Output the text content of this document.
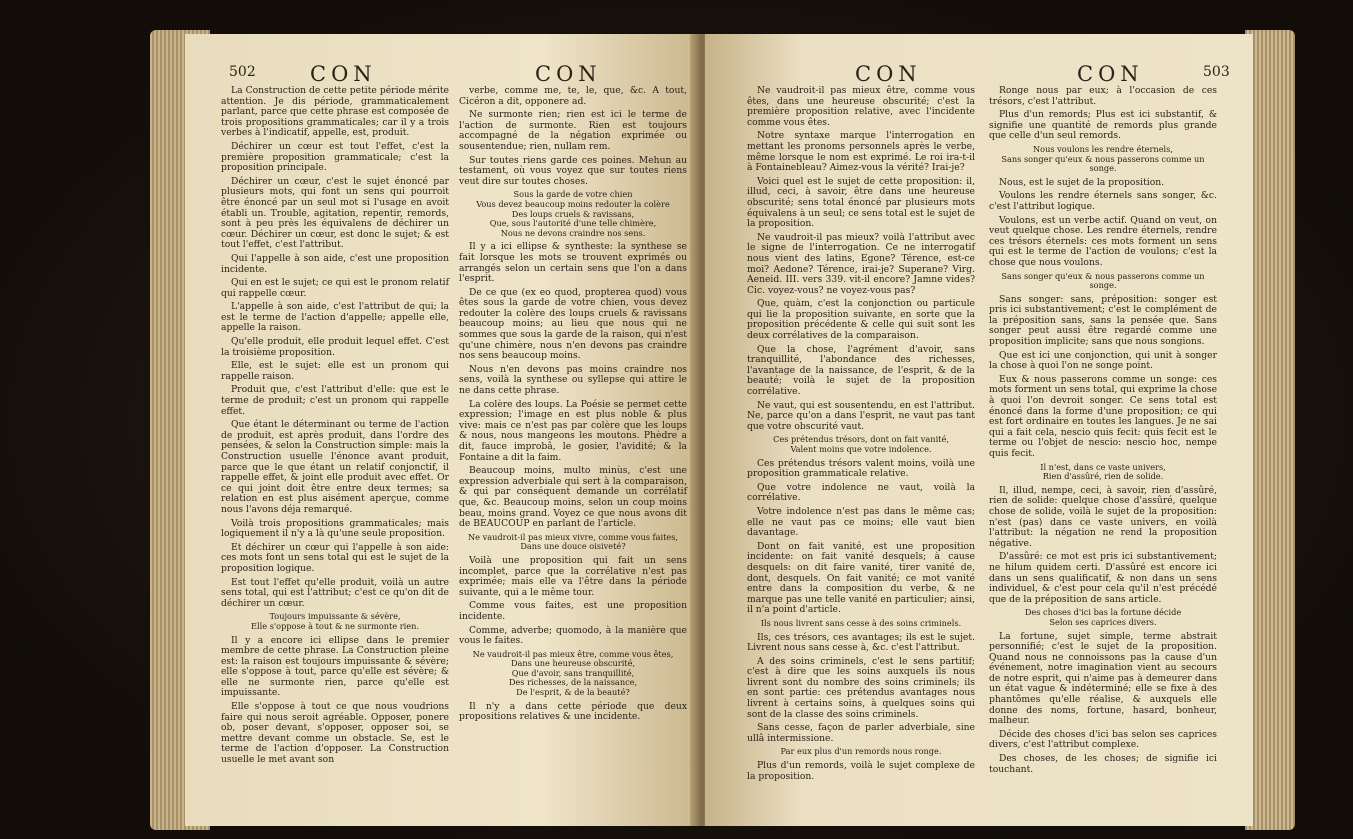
502	CON	CON

La Construction de cette petite période mérite attention. Je dis période, grammaticalement parlant, parce que cette phrase est composée de trois propositions grammaticales; car il y a trois verbes à l'indicatif, appelle, est, produit.

Déchirer un cœur est tout l'effet, c'est la première proposition grammaticale; c'est la proposition principale.

Déchirer un cœur, c'est le sujet énoncé par plusieurs mots, qui font un sens qui pourroit être énoncé par un seul mot si l'usage en avoit établi un. Trouble, agitation, repentir, remords, sont à peu près les équivalens de déchirer un cœur. Déchirer un cœur, est donc le sujet; & est tout l'effet, c'est l'attribut.

Qui l'appelle à son aide, c'est une proposition incidente.

Qui en est le sujet; ce qui est le pronom relatif qui rappelle cœur.

L'appelle à son aide, c'est l'attribut de qui; la est le terme de l'action d'appelle; appelle elle, appelle la raison.

Qu'elle produit, elle produit lequel effet. C'est la troisième proposition.

Elle, est le sujet: elle est un pronom qui rappelle raison.

Produit que, c'est l'attribut d'elle: que est le terme de produit; c'est un pronom qui rappelle effet.

Que étant le déterminant ou terme de l'action de produit, est après produit, dans l'ordre des pensées, & selon la Construction simple: mais la Construction usuelle l'énonce avant produit, parce que le que étant un relatif conjonctif, il rappelle effet, & joint elle produit avec effet. Or ce qui joint doit être entre deux termes; sa relation en est plus aisément aperçue, comme nous l'avons déja remarqué.

Voilà trois propositions grammaticales; mais logiquement il n'y a là qu'une seule proposition.

Et déchirer un cœur qui l'appelle à son aide: ces mots font un sens total qui est le sujet de la proposition logique.

Est tout l'effet qu'elle produit, voilà un autre sens total, qui est l'attribut; c'est ce qu'on dit de déchirer un cœur.

Toujours impuissante & sévère,
Elle s'oppose à tout & ne surmonte rien.

Il y a encore ici ellipse dans le premier membre de cette phrase. La Construction pleine est: la raison est toujours impuissante & sévère; elle s'oppose à tout, parce qu'elle est sévère; & elle ne surmonte rien, parce qu'elle est impuissante.

Elle s'oppose à tout ce que nous voudrions faire qui nous seroit agréable. Opposer, ponere ob, poser devant, s'opposer, opposer soi, se mettre devant comme un obstacle. Se, est le terme de l'action d'opposer. La Construction usuelle le met avant son

verbe, comme me, te, le, que, &c. A tout, Cicéron a dit, opponere ad.

Ne surmonte rien; rien est ici le terme de l'action de surmonte. Rien est toujours accompagné de la négation exprimée ou sousentendue; rien, nullam rem.

Sur toutes riens garde ces poines. Mehun au testament, où vous voyez que sur toutes riens veut dire sur toutes choses.

Sous la garde de votre chien
Vous devez beaucoup moins redouter la colère
Des loups cruels & ravissans,
Que, sous l'autorité d'une telle chimère,
Nous ne devons craindre nos sens.

Il y a ici ellipse & syntheste: la synthese se fait lorsque les mots se trouvent exprimés ou arrangés selon un certain sens que l'on a dans l'esprit.

De ce que (ex eo quod, propterea quod) vous êtes sous la garde de votre chien, vous devez redouter la colère des loups cruels & ravissans beaucoup moins; au lieu que nous qui ne sommes que sous la garde de la raison, qui n'est qu'une chimère, nous n'en devons pas craindre nos sens beaucoup moins.

Nous n'en devons pas moins craindre nos sens, voilà la synthese ou syllepse qui attire le ne dans cette phrase.

La colère des loups. La Poésie se permet cette expression; l'image en est plus noble & plus vive: mais ce n'est pas par colère que les loups & nous, nous mangeons les moutons. Phèdre a dit, fauce improbâ, le gosier, l'avidité; & la Fontaine a dit la faim.

Beaucoup moins, multo minùs, c'est une expression adverbiale qui sert à la comparaison, & qui par conséquent demande un corrélatif que, &c. Beaucoup moins, selon un coup moins beau, moins grand. Voyez ce que nous avons dit de BEAUCOUP en parlant de l'article.

Ne vaudroit-il pas mieux vivre, comme vous faites,
Dans une douce oisiveté?

Voilà une proposition qui fait un sens incomplet, parce que la corrélative n'est pas exprimée; mais elle va l'être dans la période suivante, qui a le même tour.

Comme vous faites, est une proposition incidente.

Comme, adverbe; quomodo, à la manière que vous le faites.

Ne vaudroit-il pas mieux être, comme vous êtes,
Dans une heureuse obscurité,
Que d'avoir, sans tranquillité,
Des richesses, de la naissance,
De l'esprit, & de la beauté?

Il n'y a dans cette période que deux propositions relatives & une incidente.

CON	CON	503

Ne vaudroit-il pas mieux être, comme vous êtes, dans une heureuse obscurité; c'est la première proposition relative, avec l'incidente comme vous êtes.

Notre syntaxe marque l'interrogation en mettant les pronoms personnels après le verbe, même lorsque le nom est exprimé. Le roi ira-t-il à Fontainebleau? Aimez-vous la vérité? Irai-je?

Voici quel est le sujet de cette proposition: il, illud, ceci, à savoir, être dans une heureuse obscurité; sens total énoncé par plusieurs mots équivalens à un seul; ce sens total est le sujet de la proposition.

Ne vaudroit-il pas mieux? voilà l'attribut avec le signe de l'interrogation. Ce ne interrogatif nous vient des latins, Egone? Térence, est-ce moi? Aedone? Térence, irai-je? Superane? Virg. Aeneid. III. vers 339. vit-il encore? Jamne vides? Cic. voyez-vous? ne voyez-vous pas?

Que, quàm, c'est la conjonction ou particule qui lie la proposition suivante, en sorte que la proposition précédente & celle qui suit sont les deux corrélatives de la comparaison.

Que la chose, l'agrément d'avoir, sans tranquillité, l'abondance des richesses, l'avantage de la naissance, de l'esprit, & de la beauté; voilà le sujet de la proposition corrélative.

Ne vaut, qui est sousentendu, en est l'attribut. Ne, parce qu'on a dans l'esprit, ne vaut pas tant que votre obscurité vaut.

Ces prétendus trésors, dont on fait vanité,
Valent moins que votre indolence.

Ces prétendus trésors valent moins, voilà une proposition grammaticale relative.

Que votre indolence ne vaut, voilà la corrélative.

Votre indolence n'est pas dans le même cas; elle ne vaut pas ce moins; elle vaut bien davantage.

Dont on fait vanité, est une proposition incidente: on fait vanité desquels; à cause desquels: on dit faire vanité, tirer vanité de, dont, desquels. On fait vanité; ce mot vanité entre dans la composition du verbe, & ne marque pas une telle vanité en particulier; ainsi, il n'a point d'article.

Ils nous livrent sans cesse à des soins criminels.

Ils, ces trésors, ces avantages; ils est le sujet. Livrent nous sans cesse à, &c. c'est l'attribut.

A des soins criminels, c'est le sens partitif; c'est à dire que les soins auxquels ils nous livrent sont du nombre des soins criminels; ils en sont partie: ces prétendus avantages nous livrent à certains soins, à quelques soins qui sont de la classe des soins criminels.

Sans cesse, façon de parler adverbiale, sine ullâ intermissione.

Par eux plus d'un remords nous ronge.

Plus d'un remords, voilà le sujet complexe de la proposition.

Ronge nous par eux; à l'occasion de ces trésors, c'est l'attribut.

Plus d'un remords; Plus est ici substantif, & signifie une quantité de remords plus grande que celle d'un seul remords.

Nous voulons les rendre éternels,
Sans songer qu'eux & nous passerons comme un songe.

Nous, est le sujet de la proposition.

Voulons les rendre éternels sans songer, &c. c'est l'attribut logique.

Voulons, est un verbe actif. Quand on veut, on veut quelque chose. Les rendre éternels, rendre ces trésors éternels: ces mots forment un sens qui est le terme de l'action de voulons; c'est la chose que nous voulons.

Sans songer qu'eux & nous passerons comme un songe.

Sans songer: sans, préposition: songer est pris ici substantivement; c'est le complément de la préposition sans, sans la pensée que. Sans songer peut aussi être regardé comme une proposition implicite; sans que nous songions.

Que est ici une conjonction, qui unit à songer la chose à quoi l'on ne songe point.

Eux & nous passerons comme un songe: ces mots forment un sens total, qui exprime la chose à quoi l'on devroit songer. Ce sens total est énoncé dans la forme d'une proposition; ce qui est fort ordinaire en toutes les langues. Je ne sai qui a fait cela, nescio quis fecit: quis fecit est le terme ou l'objet de nescio: nescio hoc, nempe quis fecit.

Il n'est, dans ce vaste univers,
Rien d'assûré, rien de solide.

Il, illud, nempe, ceci, à savoir, rien d'assûré, rien de solide: quelque chose d'assûré, quelque chose de solide, voilà le sujet de la proposition: n'est (pas) dans ce vaste univers, en voilà l'attribut: la négation ne rend la proposition négative.

D'assûré: ce mot est pris ici substantivement; ne hilum quidem certi. D'assûré est encore ici dans un sens qualificatif, & non dans un sens individuel, & c'est pour cela qu'il n'est précédé que de la préposition de sans article.

Des choses d'ici bas la fortune décide
Selon ses caprices divers.

La fortune, sujet simple, terme abstrait personnifié; c'est le sujet de la proposition. Quand nous ne connoissons pas la cause d'un événement, notre imagination vient au secours de notre esprit, qui n'aime pas à demeurer dans un état vague & indéterminé; elle se fixe à des phantômes qu'elle réalise, & auxquels elle donne des noms, fortune, hasard, bonheur, malheur.

Décide des choses d'ici bas selon ses caprices divers, c'est l'attribut complexe.

Des choses, de les choses; de signifie ici touchant.
